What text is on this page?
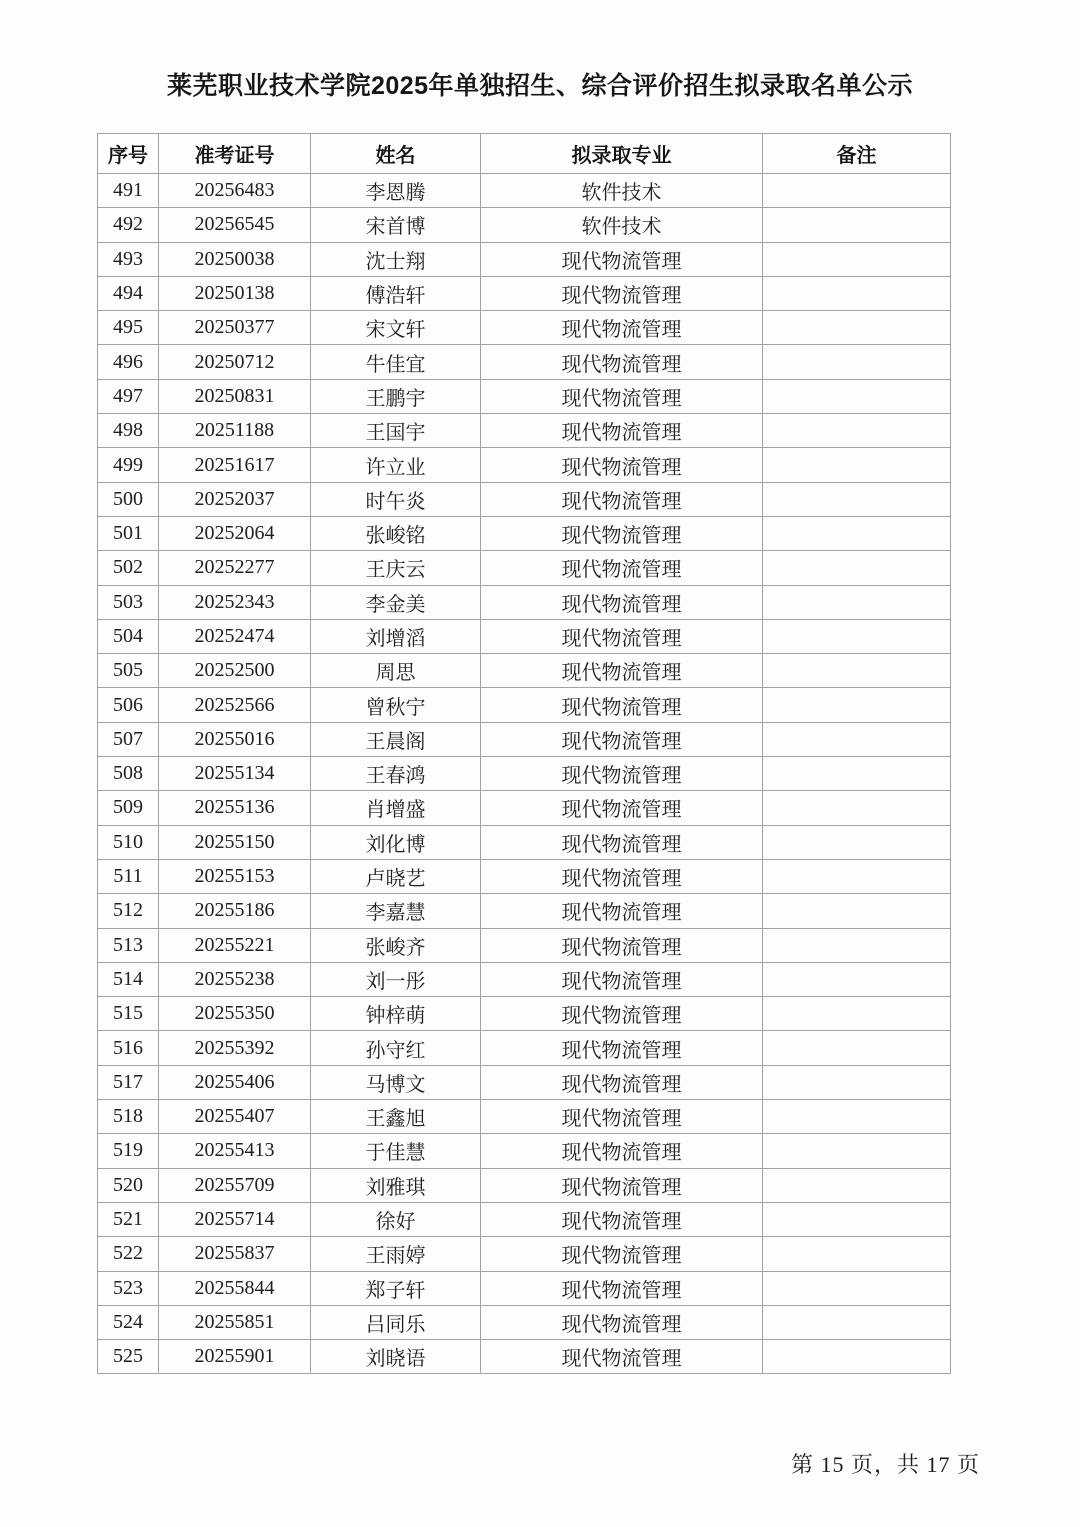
莱芜职业技术学院2025年单独招生、综合评价招生拟录取名单公示
序号	准考证号	姓名	拟录取专业	备注
491	20256483	李恩腾	软件技术	
492	20256545	宋首博	软件技术	
493	20250038	沈士翔	现代物流管理	
494	20250138	傅浩轩	现代物流管理	
495	20250377	宋文轩	现代物流管理	
496	20250712	牛佳宜	现代物流管理	
497	20250831	王鹏宇	现代物流管理	
498	20251188	王国宇	现代物流管理	
499	20251617	许立业	现代物流管理	
500	20252037	时午炎	现代物流管理	
501	20252064	张峻铭	现代物流管理	
502	20252277	王庆云	现代物流管理	
503	20252343	李金美	现代物流管理	
504	20252474	刘增滔	现代物流管理	
505	20252500	周思	现代物流管理	
506	20252566	曾秋宁	现代物流管理	
507	20255016	王晨阁	现代物流管理	
508	20255134	王春鸿	现代物流管理	
509	20255136	肖增盛	现代物流管理	
510	20255150	刘化博	现代物流管理	
511	20255153	卢晓艺	现代物流管理	
512	20255186	李嘉慧	现代物流管理	
513	20255221	张峻齐	现代物流管理	
514	20255238	刘一彤	现代物流管理	
515	20255350	钟梓萌	现代物流管理	
516	20255392	孙守红	现代物流管理	
517	20255406	马博文	现代物流管理	
518	20255407	王鑫旭	现代物流管理	
519	20255413	于佳慧	现代物流管理	
520	20255709	刘雅琪	现代物流管理	
521	20255714	徐好	现代物流管理	
522	20255837	王雨婷	现代物流管理	
523	20255844	郑子轩	现代物流管理	
524	20255851	吕同乐	现代物流管理	
525	20255901	刘晓语	现代物流管理	
第 15 页，共 17 页
